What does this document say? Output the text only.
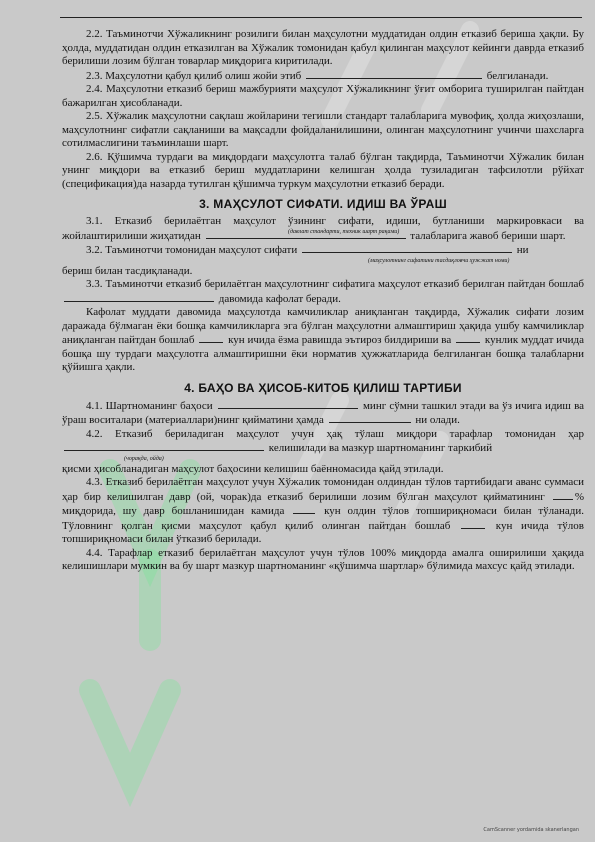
2.2. Таъминотчи Хўжаликнинг розилиги билан маҳсулотни муддатидан олдин етказиб бериша ҳақли. Бу ҳолда, муддатидан олдин етказилган ва Хўжалик томонидан қабул қилинган маҳсулот кейинги даврда етказиб берилиши лозим бўлган товарлар миқдорига киритилади.

2.3. Маҳсулотни қабул қилиб олиш жойи этиб	белгиланади.

2.4. Маҳсулотни етказиб бериш мажбурияти маҳсулот Хўжаликнинг ўғит омборига туширилган пайтдан бажарилган ҳисобланади.

2.5. Хўжалик маҳсулотни сақлаш жойларини тегишли стандарт талабларига мувофиқ, ҳолда жиҳозлаши, маҳсулотнинг сифатли сақланиши ва мақсадли фойдаланилишини, олинган маҳсулотнинг учинчи шахсларга сотилмаслигини таъминлаши шарт.

2.6. Қўшимча турдаги ва миқдордаги маҳсулотга талаб бўлган тақдирда, Таъминотчи Хўжалик билан унинг миқдори ва етказиб бериш муддатларини келишган ҳолда тузиладиган тафсилотли рўйхат (спецификация)да назарда тутилган қўшимча туркум маҳсулотни етказиб беради.

3. МАҲСУЛОТ СИФАТИ. ИДИШ ВА ЎРАШ

3.1. Етказиб берилаётган маҳсулот ўзининг сифати, идиши, бутланиши маркировкаси ва жойлаштирилиши жиҳатидан	талабларига жавоб бериши шарт.

(давлат стандарти, техник шарт рақами)

3.2. Таъминотчи томонидан маҳсулот сифати	ни

(маҳсулотнинг сифатини тасдиқловчи ҳужжат номи)

бериш билан тасдиқланади.

3.3. Таъминотчи етказиб берилаётган маҳсулотнинг сифатига маҳсулот етказиб берилган пайтдан бошлаб  давомида кафолат беради.

Кафолат муддати давомида маҳсулотда камчиликлар аниқланган тақдирда, Хўжалик сифати лозим даражада бўлмаган ёки бошқа камчиликларга эга бўлган маҳсулотни алмаштириш ҳақида ушбу камчиликлар аниқланган пайтдан бошлаб	кун ичида ёзма равишда эътироз билдириши ва	кунлик муддат ичида бошқа шу турдаги маҳсулотга алмаштиришни ёки норматив ҳужжатларида белгиланган бошқа талабларни қўйишга ҳақли.

4. БАҲО ВА ҲИСОБ-КИТОБ ҚИЛИШ ТАРТИБИ

4.1. Шартноманинг баҳоси	минг сўмни ташкил этади ва ўз ичига идиш ва ўраш воситалари (материаллари)нинг қийматини ҳамда	ни олади.

4.2. Етказиб бериладиган маҳсулот учун ҳақ тўлаш миқдори тарафлар томонидан ҳар  келишилади ва мазкур шартноманинг таркибий

(чорақда, ойда)

қисми ҳисобланадиган маҳсулот баҳосини келишиш баённомасида қайд этилади.

4.3. Етказиб берилаётган маҳсулот учун Хўжалик томонидан олдиндан тўлов тартибидаги аванс суммаси ҳар бир келишилган давр (ой, чорак)да етказиб берилиши лозим бўлган маҳсулот қийматининг	% миқдорида, шу давр бошланишидан камида	кун олдин тўлов топшириқномаси билан тўланади. Тўловнинг қолган қисми маҳсулот қабул қилиб олинган пайтдан бошлаб	кун ичида тўлов топшириқномаси билан ўтказиб берилади.

4.4. Тарафлар етказиб берилаётган маҳсулот учун тўлов 100% миқдорда амалга оширилиши ҳақида келишишлари мумкин ва бу шарт мазкур шартноманинг «қўшимча шартлар» бўлимида махсус қайд этилади.

CamScanner yordamida skanerlangan
